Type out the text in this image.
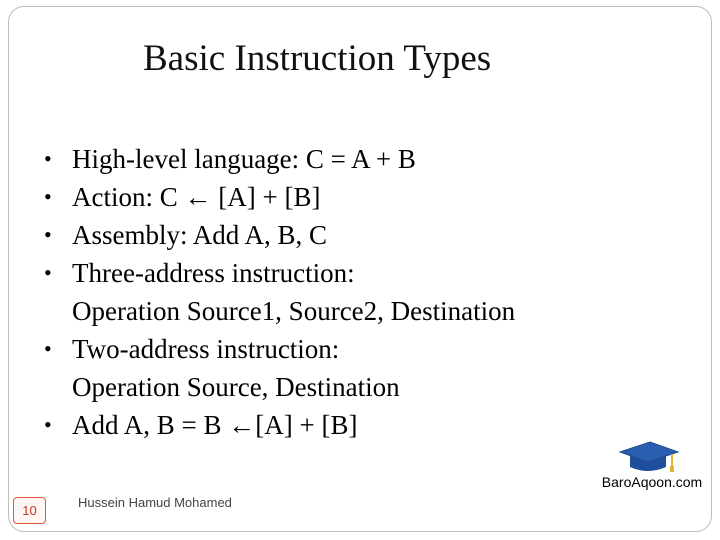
Basic Instruction Types
• High-level language: C = A + B
• Action: C ← [A] + [B]
• Assembly: Add A, B, C
• Three-address instruction:
Operation Source1, Source2, Destination
• Two-address instruction:
Operation Source, Destination
• Add A, B = B ←[A] + [B]
BaroAqoon.com
10
Hussein Hamud Mohamed
